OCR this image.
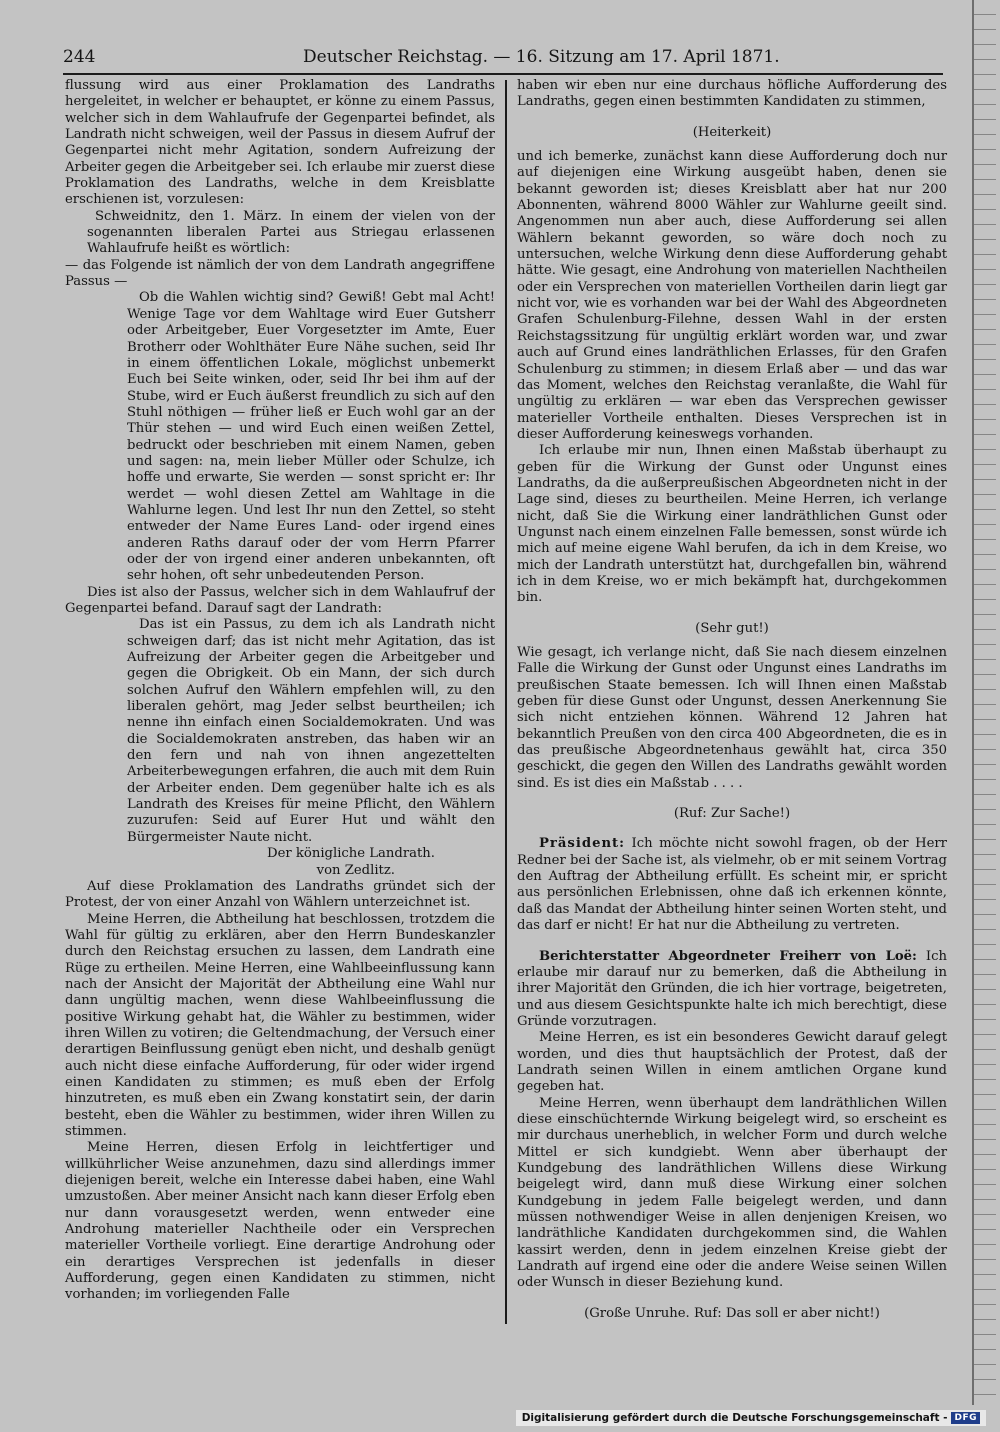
244	Deutscher Reichstag. — 16. Sitzung am 17. April 1871.

flussung wird aus einer Proklamation des Landraths hergeleitet, in welcher er behauptet, er könne zu einem Passus, welcher sich in dem Wahlaufrufe der Gegenpartei befindet, als Landrath nicht schweigen, weil der Passus in diesem Aufruf der Gegenpartei nicht mehr Agitation, sondern Aufreizung der Arbeiter gegen die Arbeitgeber sei. Ich erlaube mir zuerst diese Proklamation des Landraths, welche in dem Kreisblatte erschienen ist, vorzulesen:

Schweidnitz, den 1. März. In einem der vielen von der sogenannten liberalen Partei aus Striegau erlassenen Wahlaufrufe heißt es wörtlich:

— das Folgende ist nämlich der von dem Landrath angegriffene Passus —

Ob die Wahlen wichtig sind? Gewiß! Gebt mal Acht! Wenige Tage vor dem Wahltage wird Euer Gutsherr oder Arbeitgeber, Euer Vorgesetzter im Amte, Euer Brotherr oder Wohlthäter Eure Nähe suchen, seid Ihr in einem öffentlichen Lokale, möglichst unbemerkt Euch bei Seite winken, oder, seid Ihr bei ihm auf der Stube, wird er Euch äußerst freundlich zu sich auf den Stuhl nöthigen — früher ließ er Euch wohl gar an der Thür stehen — und wird Euch einen weißen Zettel, bedruckt oder beschrieben mit einem Namen, geben und sagen: na, mein lieber Müller oder Schulze, ich hoffe und erwarte, Sie werden — sonst spricht er: Ihr werdet — wohl diesen Zettel am Wahltage in die Wahlurne legen. Und lest Ihr nun den Zettel, so steht entweder der Name Eures Land- oder irgend eines anderen Raths darauf oder der vom Herrn Pfarrer oder der von irgend einer anderen unbekannten, oft sehr hohen, oft sehr unbedeutenden Person.

Dies ist also der Passus, welcher sich in dem Wahlaufruf der Gegenpartei befand. Darauf sagt der Landrath:

Das ist ein Passus, zu dem ich als Landrath nicht schweigen darf; das ist nicht mehr Agitation, das ist Aufreizung der Arbeiter gegen die Arbeitgeber und gegen die Obrigkeit. Ob ein Mann, der sich durch solchen Aufruf den Wählern empfehlen will, zu den liberalen gehört, mag Jeder selbst beurtheilen; ich nenne ihn einfach einen Socialdemokraten. Und was die Socialdemokraten anstreben, das haben wir an den fern und nah von ihnen angezettelten Arbeiterbewegungen erfahren, die auch mit dem Ruin der Arbeiter enden. Dem gegenüber halte ich es als Landrath des Kreises für meine Pflicht, den Wählern zuzurufen: Seid auf Eurer Hut und wählt den Bürgermeister Naute nicht.

Der königliche Landrath.

von Zedlitz.

Auf diese Proklamation des Landraths gründet sich der Protest, der von einer Anzahl von Wählern unterzeichnet ist.

Meine Herren, die Abtheilung hat beschlossen, trotzdem die Wahl für gültig zu erklären, aber den Herrn Bundeskanzler durch den Reichstag ersuchen zu lassen, dem Landrath eine Rüge zu ertheilen. Meine Herren, eine Wahlbeeinflussung kann nach der Ansicht der Majorität der Abtheilung eine Wahl nur dann ungültig machen, wenn diese Wahlbeeinflussung die positive Wirkung gehabt hat, die Wähler zu bestimmen, wider ihren Willen zu votiren; die Geltendmachung, der Versuch einer derartigen Beinflussung genügt eben nicht, und deshalb genügt auch nicht diese einfache Aufforderung, für oder wider irgend einen Kandidaten zu stimmen; es muß eben der Erfolg hinzutreten, es muß eben ein Zwang konstatirt sein, der darin besteht, eben die Wähler zu bestimmen, wider ihren Willen zu stimmen.

Meine Herren, diesen Erfolg in leichtfertiger und willkührlicher Weise anzunehmen, dazu sind allerdings immer diejenigen bereit, welche ein Interesse dabei haben, eine Wahl umzustoßen. Aber meiner Ansicht nach kann dieser Erfolg eben nur dann vorausgesetzt werden, wenn entweder eine Androhung materieller Nachtheile oder ein Versprechen materieller Vortheile vorliegt. Eine derartige Androhung oder ein derartiges Versprechen ist jedenfalls in dieser Aufforderung, gegen einen Kandidaten zu stimmen, nicht vorhanden; im vorliegenden Falle

haben wir eben nur eine durchaus höfliche Aufforderung des Landraths, gegen einen bestimmten Kandidaten zu stimmen,

(Heiterkeit)

und ich bemerke, zunächst kann diese Aufforderung doch nur auf diejenigen eine Wirkung ausgeübt haben, denen sie bekannt geworden ist; dieses Kreisblatt aber hat nur 200 Abonnenten, während 8000 Wähler zur Wahlurne geeilt sind. Angenommen nun aber auch, diese Aufforderung sei allen Wählern bekannt geworden, so wäre doch noch zu untersuchen, welche Wirkung denn diese Aufforderung gehabt hätte. Wie gesagt, eine Androhung von materiellen Nachtheilen oder ein Versprechen von materiellen Vortheilen darin liegt gar nicht vor, wie es vorhanden war bei der Wahl des Abgeordneten Grafen Schulenburg-Filehne, dessen Wahl in der ersten Reichstagssitzung für ungültig erklärt worden war, und zwar auch auf Grund eines landräthlichen Erlasses, für den Grafen Schulenburg zu stimmen; in diesem Erlaß aber — und das war das Moment, welches den Reichstag veranlaßte, die Wahl für ungültig zu erklären — war eben das Versprechen gewisser materieller Vortheile enthalten. Dieses Versprechen ist in dieser Aufforderung keineswegs vorhanden.

Ich erlaube mir nun, Ihnen einen Maßstab überhaupt zu geben für die Wirkung der Gunst oder Ungunst eines Landraths, da die außerpreußischen Abgeordneten nicht in der Lage sind, dieses zu beurtheilen. Meine Herren, ich verlange nicht, daß Sie die Wirkung einer landräthlichen Gunst oder Ungunst nach einem einzelnen Falle bemessen, sonst würde ich mich auf meine eigene Wahl berufen, da ich in dem Kreise, wo mich der Landrath unterstützt hat, durchgefallen bin, während ich in dem Kreise, wo er mich bekämpft hat, durchgekommen bin.

(Sehr gut!)

Wie gesagt, ich verlange nicht, daß Sie nach diesem einzelnen Falle die Wirkung der Gunst oder Ungunst eines Landraths im preußischen Staate bemessen. Ich will Ihnen einen Maßstab geben für diese Gunst oder Ungunst, dessen Anerkennung Sie sich nicht entziehen können. Während 12 Jahren hat bekanntlich Preußen von den circa 400 Abgeordneten, die es in das preußische Abgeordnetenhaus gewählt hat, circa 350 geschickt, die gegen den Willen des Landraths gewählt worden sind. Es ist dies ein Maßstab . . . .

(Ruf: Zur Sache!)

Präsident: Ich möchte nicht sowohl fragen, ob der Herr Redner bei der Sache ist, als vielmehr, ob er mit seinem Vortrag den Auftrag der Abtheilung erfüllt. Es scheint mir, er spricht aus persönlichen Erlebnissen, ohne daß ich erkennen könnte, daß das Mandat der Abtheilung hinter seinen Worten steht, und das darf er nicht! Er hat nur die Abtheilung zu vertreten.

Berichterstatter Abgeordneter Freiherr von Loë: Ich erlaube mir darauf nur zu bemerken, daß die Abtheilung in ihrer Majorität den Gründen, die ich hier vortrage, beigetreten, und aus diesem Gesichtspunkte halte ich mich berechtigt, diese Gründe vorzutragen.

Meine Herren, es ist ein besonderes Gewicht darauf gelegt worden, und dies thut hauptsächlich der Protest, daß der Landrath seinen Willen in einem amtlichen Organe kund gegeben hat.

Meine Herren, wenn überhaupt dem landräthlichen Willen diese einschüchternde Wirkung beigelegt wird, so erscheint es mir durchaus unerheblich, in welcher Form und durch welche Mittel er sich kundgiebt. Wenn aber überhaupt der Kundgebung des landräthlichen Willens diese Wirkung beigelegt wird, dann muß diese Wirkung einer solchen Kundgebung in jedem Falle beigelegt werden, und dann müssen nothwendiger Weise in allen denjenigen Kreisen, wo landräthliche Kandidaten durchgekommen sind, die Wahlen kassirt werden, denn in jedem einzelnen Kreise giebt der Landrath auf irgend eine oder die andere Weise seinen Willen oder Wunsch in dieser Beziehung kund.

(Große Unruhe. Ruf: Das soll er aber nicht!)

Digitalisierung gefördert durch die Deutsche Forschungsgemeinschaft - DFG
